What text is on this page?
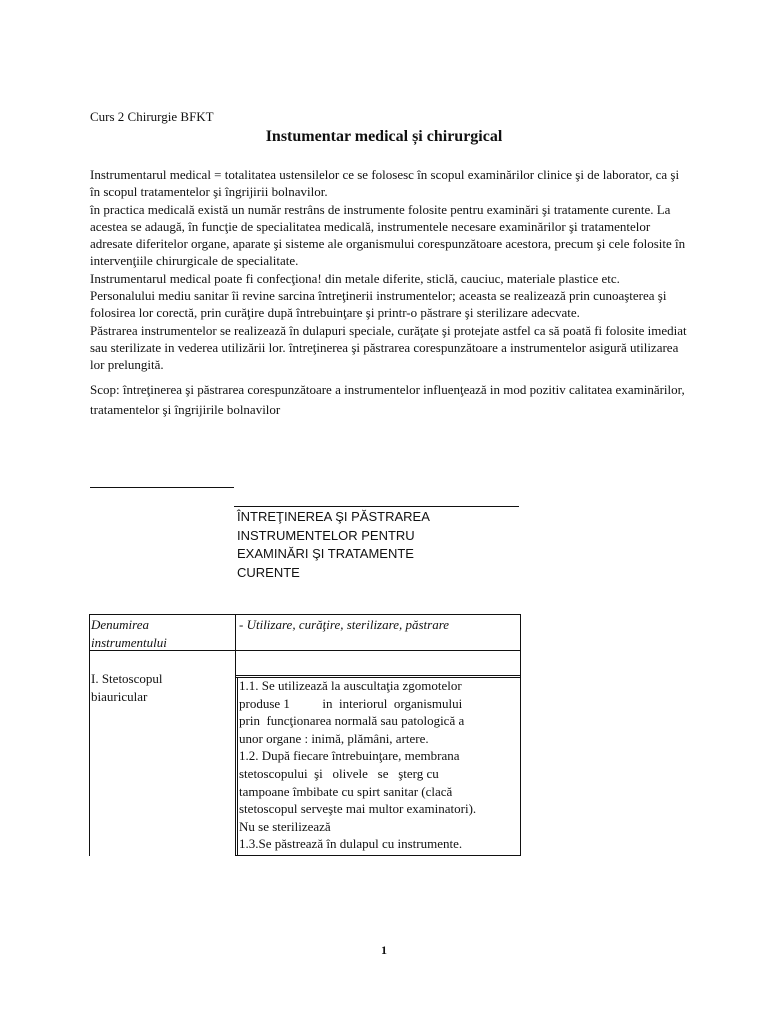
Curs 2 Chirurgie BFKT
Instumentar medical și chirurgical

Instrumentarul medical = totalitatea ustensilelor ce se folosesc în scopul examinărilor clinice şi de laborator, ca şi în scopul tratamentelor şi îngrijirii bolnavilor.

în practica medicală există un număr restrâns de instrumente folosite pentru examinări şi tratamente curente. La acestea se adaugă, în funcţie de specialitatea medicală, instrumentele necesare examinărilor şi tratamentelor adresate diferitelor organe, aparate şi sisteme ale organismului corespunzătoare acestora, precum şi cele folosite în intervenţiile chirurgicale de specialitate.

Instrumentarul medical poate fi confecţiona! din metale diferite, sticlă, cauciuc, materiale plastice etc.

Personalului mediu sanitar îi revine sarcina întreţinerii instrumentelor; aceasta se realizează prin cunoaşterea şi folosirea lor corectă, prin curăţire după întrebuinţare şi printr-o păstrare şi sterilizare adecvate.

Păstrarea instrumentelor se realizează în dulapuri speciale, curăţate şi protejate astfel ca să poată fi folosite imediat sau sterilizate in vederea utilizării lor. întreţinerea şi păstrarea corespunzătoare a instrumentelor asigură utilizarea lor prelungită.

Scop: întreţinerea şi păstrarea corespunzătoare a instrumentelor influenţează in mod pozitiv calitatea examinărilor, tratamentelor şi îngrijirile bolnavilor

ÎNTREŢINEREA ŞI PĂSTRAREA
INSTRUMENTELOR PENTRU
EXAMINĂRI ŞI TRATAMENTE
CURENTE
Denumirea
instrumentului
- Utilizare, curăţire, sterilizare, păstrare
I. Stetoscopul
biauricular
1.1. Se utilizează la auscultaţia zgomotelor
produse 1          in  interiorul  organismului
prin  funcţionarea normală sau patologică a
unor organe : inimă, plămâni, artere.
1.2. După fiecare întrebuinţare, membrana
stetoscopului  şi   olivele   se   şterg cu
tampoane îmbibate cu spirt sanitar (clacă
stetoscopul serveşte mai multor examinatori).
Nu se sterilizează
1.3.Se păstrează în dulapul cu instrumente.
1
